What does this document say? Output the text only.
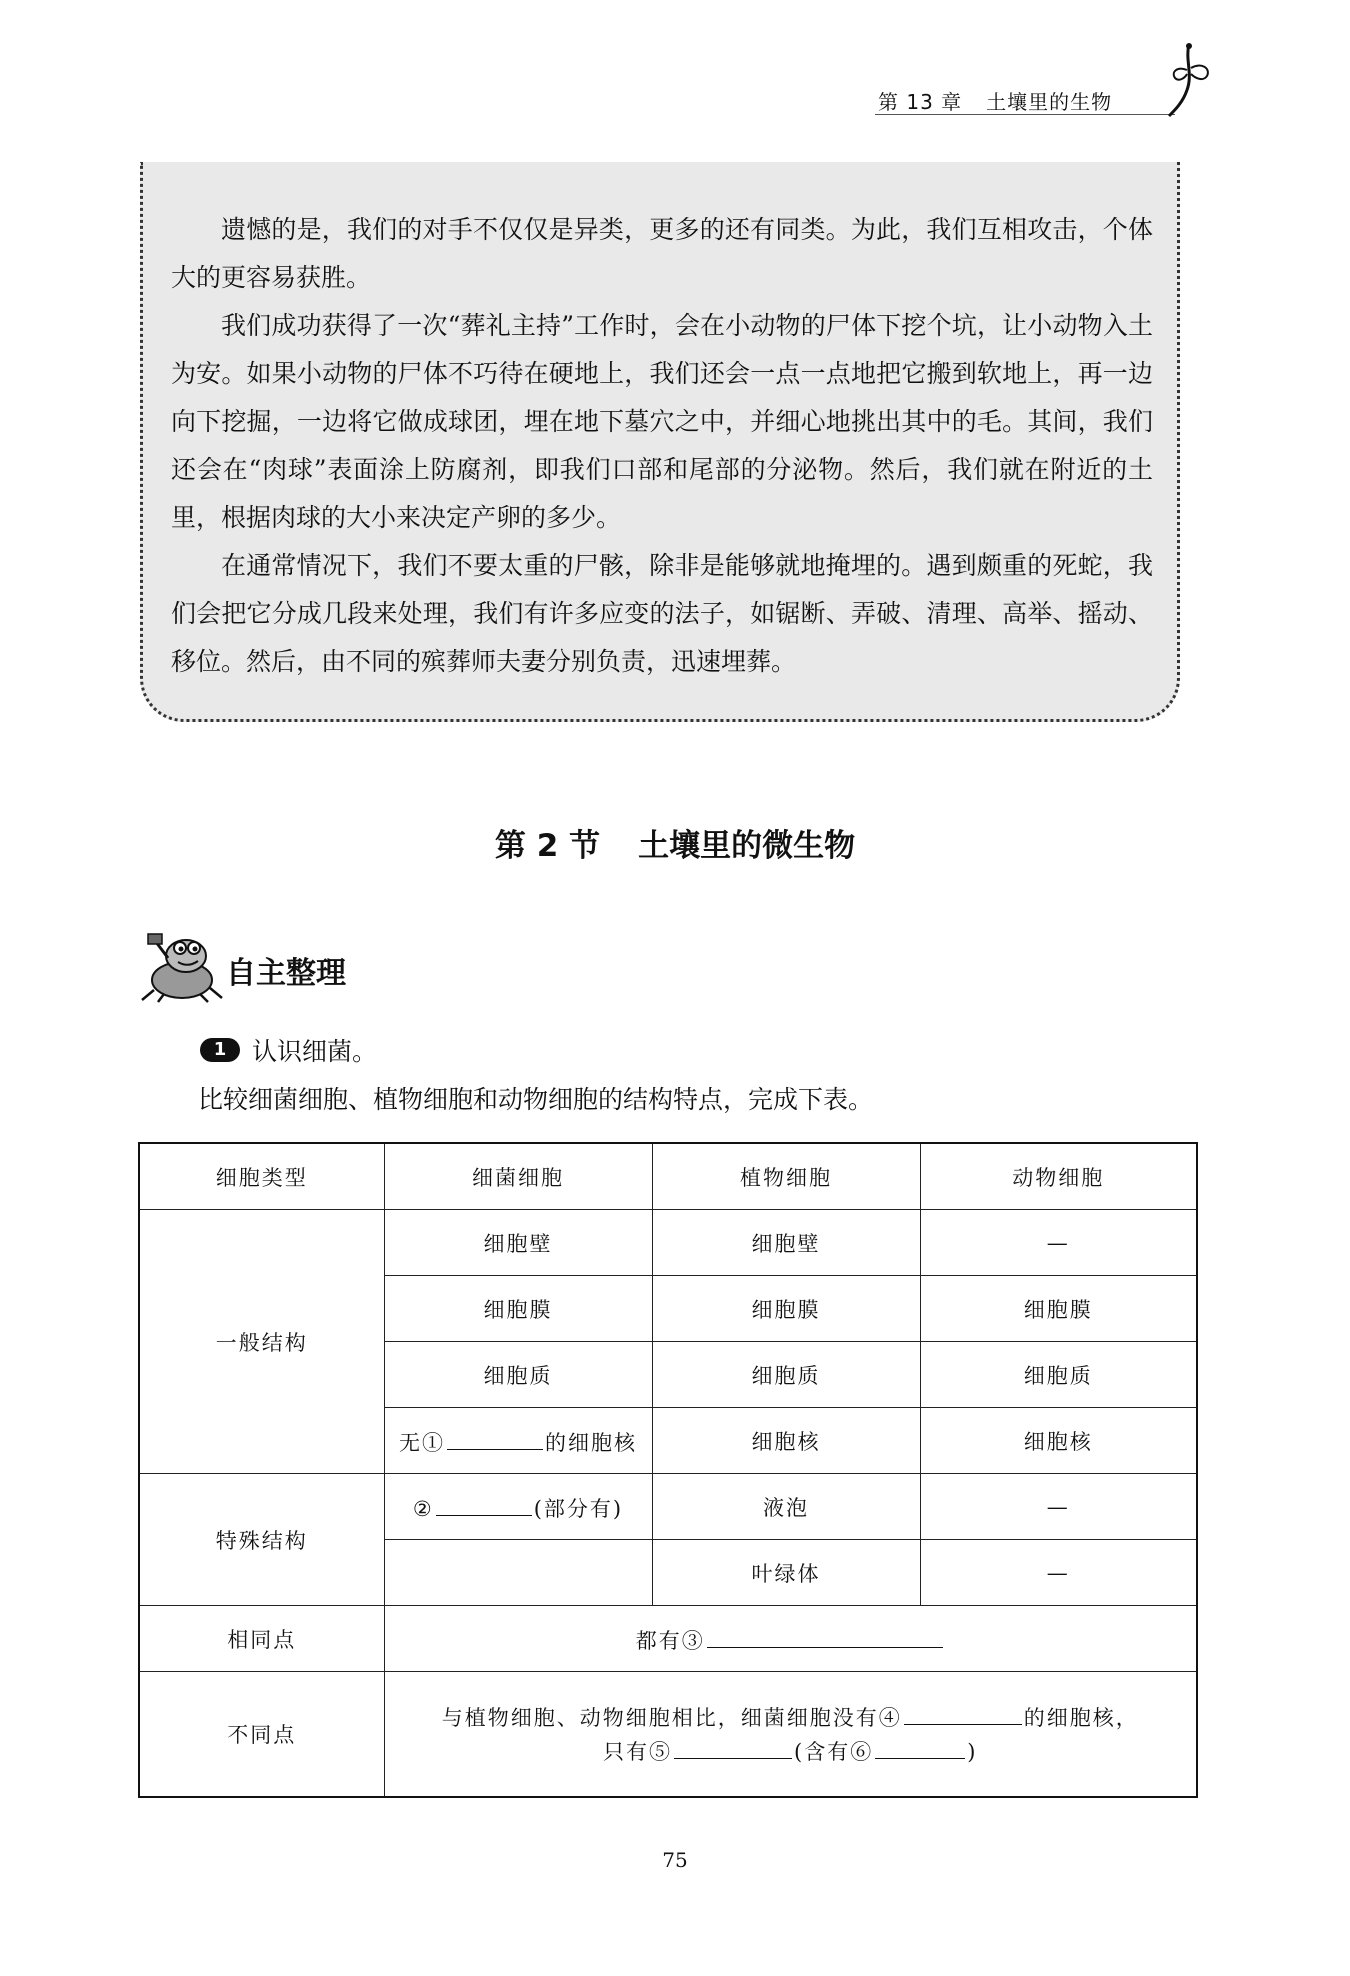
第 13 章 土壤里的生物

遗憾的是，我们的对手不仅仅是异类，更多的还有同类。为此，我们互相攻击，个体大的更容易获胜。

我们成功获得了一次“葬礼主持”工作时，会在小动物的尸体下挖个坑，让小动物入土为安。如果小动物的尸体不巧待在硬地上，我们还会一点一点地把它搬到软地上，再一边向下挖掘，一边将它做成球团，埋在地下墓穴之中，并细心地挑出其中的毛。其间，我们还会在“肉球”表面涂上防腐剂，即我们口部和尾部的分泌物。然后，我们就在附近的土里，根据肉球的大小来决定产卵的多少。

在通常情况下，我们不要太重的尸骸，除非是能够就地掩埋的。遇到颇重的死蛇，我们会把它分成几段来处理，我们有许多应变的法子，如锯断、弄破、清理、高举、摇动、移位。然后，由不同的殡葬师夫妻分别负责，迅速埋葬。

第 2 节 土壤里的微生物
自主整理
1	认识细菌。
比较细菌细胞、植物细胞和动物细胞的结构特点，完成下表。
细胞类型	细菌细胞	植物细胞	动物细胞
一般结构	细胞壁	细胞壁	—
	细胞膜	细胞膜	细胞膜
	细胞质	细胞质	细胞质
	无① 的细胞核	细胞核	细胞核
特殊结构	② (部分有)	液泡	—
		叶绿体	—
相同点	都有③		
不同点	与植物细胞、动物细胞相比，细菌细胞没有④ 的细胞核，
只有⑤ (含有⑥ )		
75
